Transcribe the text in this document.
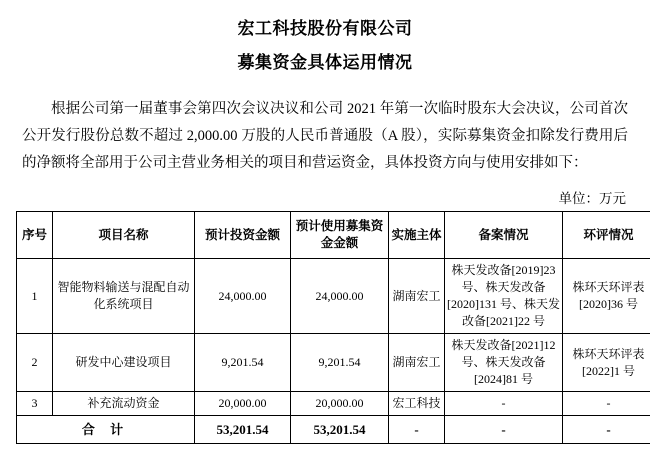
宏工科技股份有限公司
募集资金具体运用情况
根据公司第一届董事会第四次会议决议和公司 2021 年第一次临时股东大会决议，公司首次公开发行股份总数不超过 2,000.00 万股的人民币普通股（A 股），实际募集资金扣除发行费用后的净额将全部用于公司主营业务相关的项目和营运资金，具体投资方向与使用安排如下：
单位：万元
序号	项目名称	预计投资金额	预计使用募集资金金额	实施主体	备案情况	环评情况
1	智能物料输送与混配自动化系统项目	24,000.00	24,000.00	湖南宏工	株天发改备[2019]23 号、株天发改备[2020]131 号、株天发改备[2021]22 号	株环天环评表[2020]36 号
2	研发中心建设项目	9,201.54	9,201.54	湖南宏工	株天发改备[2021]12 号、株天发改备[2024]81 号	株环天环评表[2022]1 号
3	补充流动资金	20,000.00	20,000.00	宏工科技	-	-
合 计		53,201.54	53,201.54	-	-	-
